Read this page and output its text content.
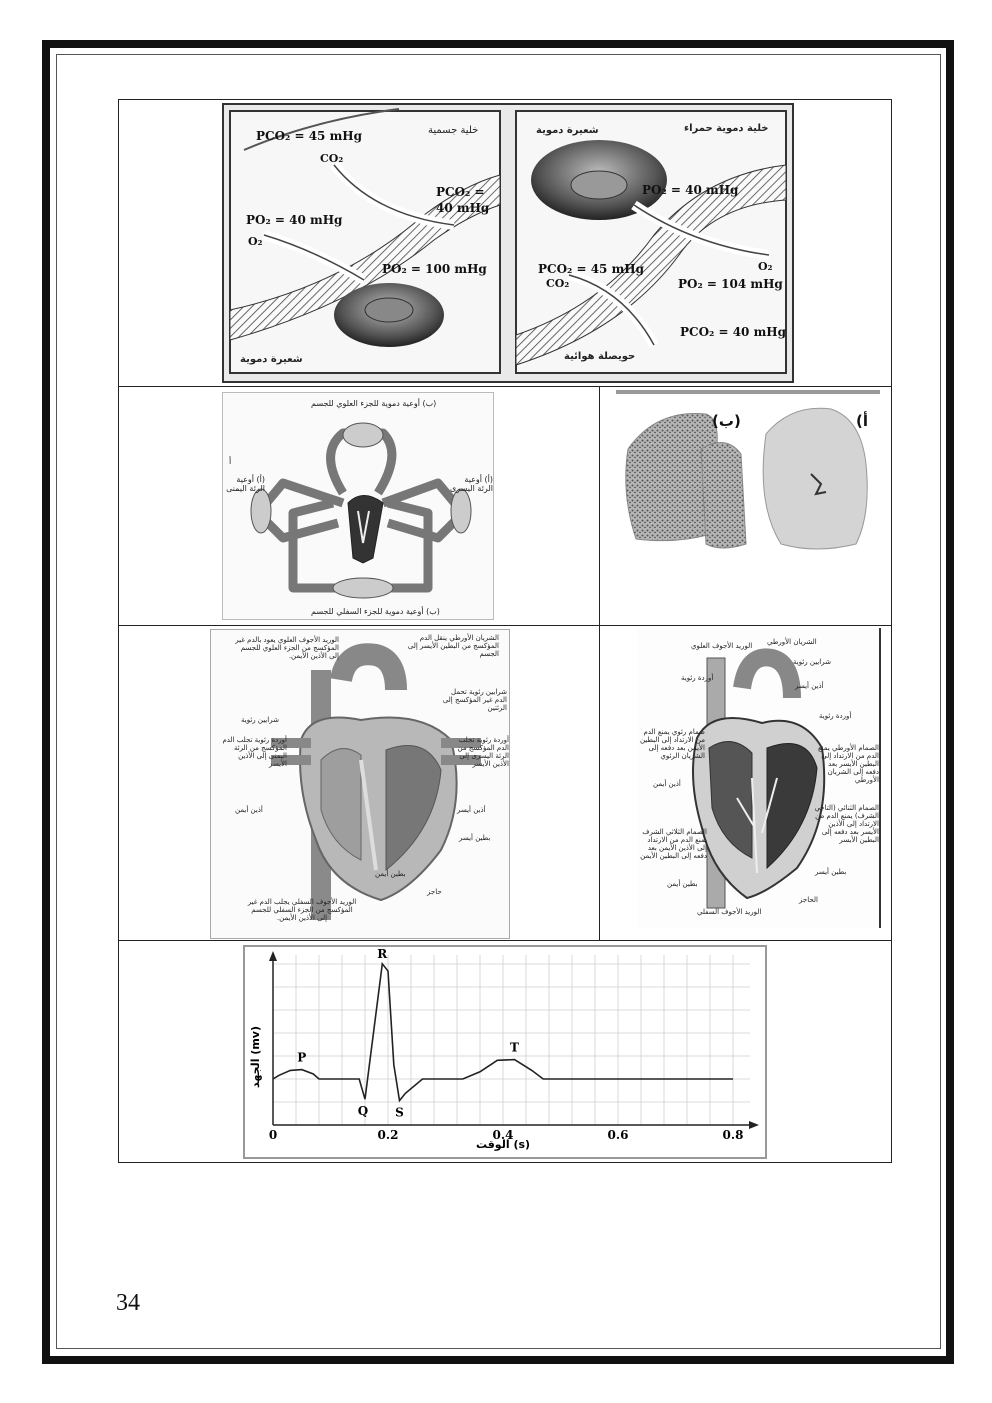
PCO₂ = 45 mHg	خلية جسمية
CO₂
PCO₂ =
40 mHg
PO₂ = 40 mHg
O₂
PO₂ = 100 mHg
شعيرة دموية
شعيرة دموية	خلية دموية حمراء
PO₂ = 40 mHg
PCO₂ = 45 mHg
CO₂
O₂
PO₂ = 104 mHg
PCO₂ = 40 mHg
حويصلة هوائية
(ب) أوعية دموية للجزء العلوي للجسم
(أ) أوعية الرئة اليمنى
(أ) أوعية الرئة اليسرى
أ
(ب) أوعية دموية للجزء السفلي للجسم
(ب)	(أ
الوريد الأجوف العلوي يعود بالدم غير المؤكسج من الجزء العلوي للجسم إلى الأذين الأيمن.
الشريان الأورطي ينقل الدم المؤكسج من البطين الأيسر إلى الجسم
شرايين رئوية
شرايين رئوية تحمل الدم غير المؤكسج إلى الرئتين
أوردة رئوية تجلب الدم المؤكسج من الرئة اليمنى إلى الأذين الأيسر
أوردة رئوية تجلب الدم المؤكسج من الرئة اليسرى إلى الأذين الأيسر
أذين أيمن	أذين أيسر
بطين أيسر
بطين أيمن
حاجز
الوريد الأجوف السفلي يجلب الدم غير المؤكسج من الجزء السفلي للجسم إلى الأذين الأيمن.
الشريان الأورطي
الوريد الأجوف العلوي
شرايين رئوية
أوردة رئوية
أذين أيسر
صمام رئوي يمنع الدم من الارتداد إلى البطين الأيمن بعد دفعه إلى الشريان الرئوي
أوردة رئوية
الصمام الأورطي يمنع الدم من الارتداد إلى البطين الأيسر بعد دفعه إلى الشريان الأورطي
أذين أيمن
الصمام الثنائي (التاجي الشرف) يمنع الدم من الارتداد إلى الأذين الأيسر بعد دفعه إلى البطين الأيسر
الصمام الثلاثي الشرف يمنع الدم من الارتداد إلى الأذين الأيمن بعد دفعه إلى البطين الأيمن
بطين أيمن
بطين أيسر
الوريد الأجوف السفلي
الحاجز
0	0.2	0.4	0.6	0.8
P
Q
R
S
T
الوقت (s)
الجهد (mv)
34
